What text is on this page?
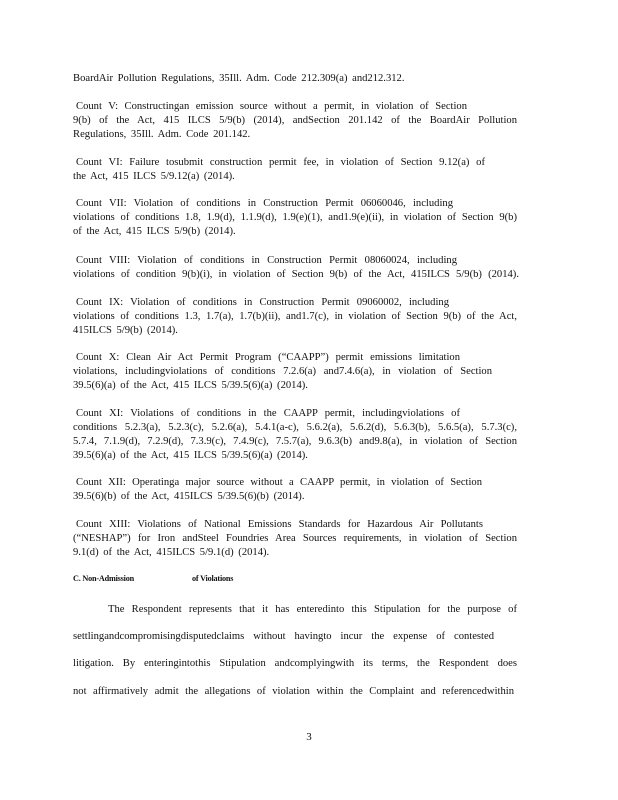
BoardAir Pollution Regulations, 35Ill. Adm. Code 212.309(a) and212.312.
Count V: Constructingan emission source without a permit, in violation of Section
9(b) of the Act, 415 ILCS 5/9(b) (2014), andSection 201.142 of the BoardAir Pollution
Regulations, 35Ill. Adm. Code 201.142.
Count VI: Failure tosubmit construction permit fee, in violation of Section 9.12(a) of
the Act, 415 ILCS 5/9.12(a) (2014).
Count VII: Violation of conditions in Construction Permit 06060046, including
violations of conditions 1.8, 1.9(d), 1.1.9(d), 1.9(e)(1), and1.9(e)(ii), in violation of Section 9(b)
of the Act, 415 ILCS 5/9(b) (2014).
Count VIII: Violation of conditions in Construction Permit 08060024, including
violations of condition 9(b)(i), in violation of Section 9(b) of the Act, 415ILCS 5/9(b) (2014).
Count IX: Violation of conditions in Construction Permit 09060002, including
violations of conditions 1.3, 1.7(a), 1.7(b)(ii), and1.7(c), in violation of Section 9(b) of the Act,
415ILCS 5/9(b) (2014).
Count X: Clean Air Act Permit Program (“CAAPP”) permit emissions limitation
violations, includingviolations of conditions 7.2.6(a) and7.4.6(a), in violation of Section
39.5(6)(a) of the Act, 415 ILCS 5/39.5(6)(a) (2014).
Count XI: Violations of conditions in the CAAPP permit, includingviolations of
conditions 5.2.3(a), 5.2.3(c), 5.2.6(a), 5.4.1(a-c), 5.6.2(a), 5.6.2(d), 5.6.3(b), 5.6.5(a), 5.7.3(c),
5.7.4, 7.1.9(d), 7.2.9(d), 7.3.9(c), 7.4.9(c), 7.5.7(a), 9.6.3(b) and9.8(a), in violation of Section
39.5(6)(a) of the Act, 415 ILCS 5/39.5(6)(a) (2014).
Count XII: Operatinga major source without a CAAPP permit, in violation of Section
39.5(6)(b) of the Act, 415ILCS 5/39.5(6)(b) (2014).
Count XIII: Violations of National Emissions Standards for Hazardous Air Pollutants
(“NESHAP”) for Iron andSteel Foundries Area Sources requirements, in violation of Section
9.1(d) of the Act, 415ILCS 5/9.1(d) (2014).
C. Non-Admission	of Violations
The Respondent represents that it has enteredinto this Stipulation for the purpose of
settlingandcompromisingdisputedclaims without havingto incur the expense of contested
litigation. By enteringintothis Stipulation andcomplyingwith its terms, the Respondent does
not affirmatively admit the allegations of violation within the Complaint and referencedwithin
3
